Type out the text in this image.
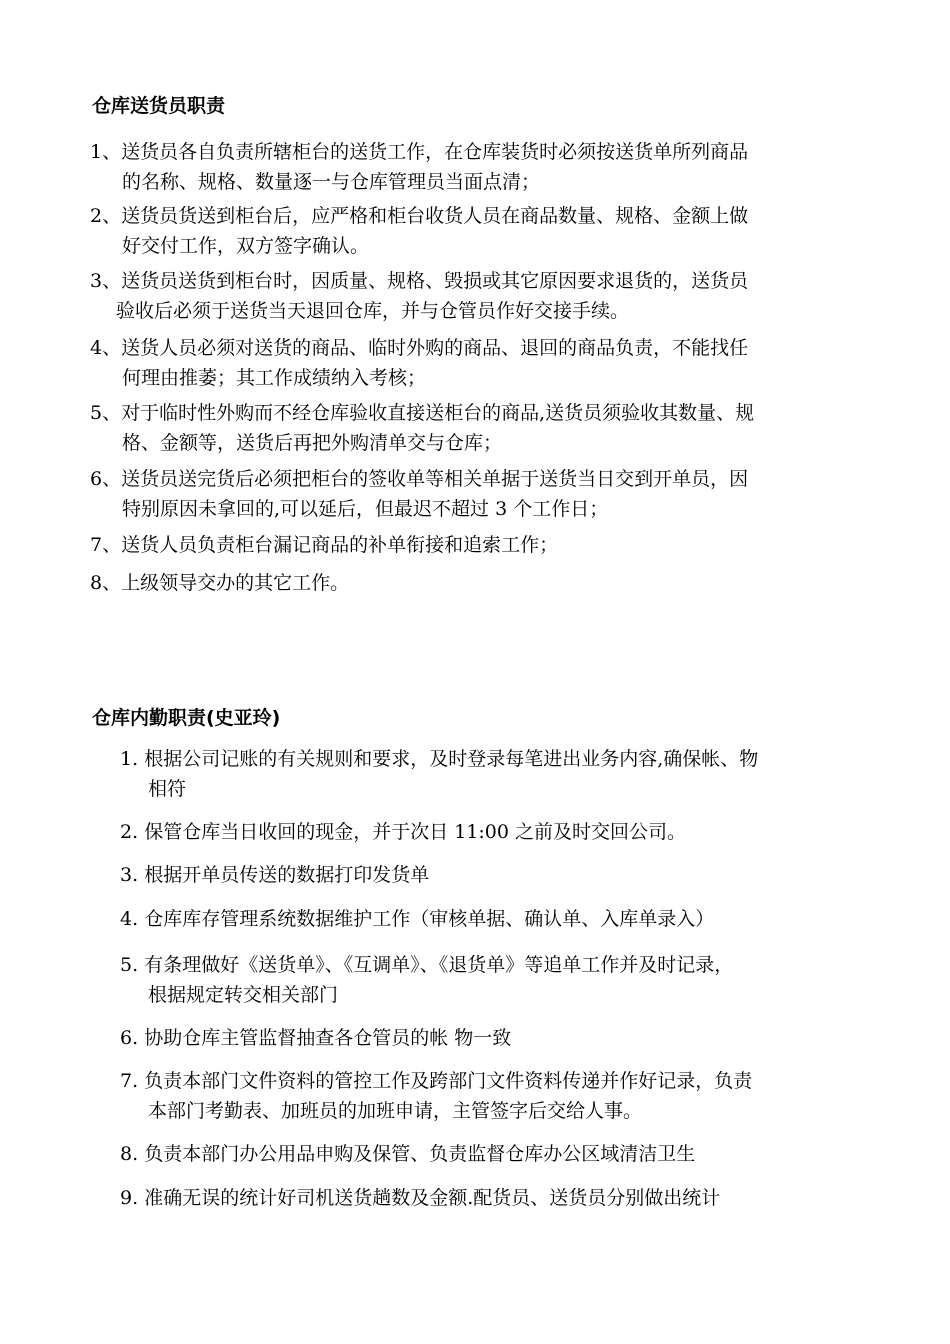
仓库送货员职责
1、送货员各自负责所辖柜台的送货工作，在仓库装货时必须按送货单所列商品
的名称、规格、数量逐一与仓库管理员当面点清；
2、送货员货送到柜台后，应严格和柜台收货人员在商品数量、规格、金额上做
好交付工作，双方签字确认。
3、送货员送货到柜台时，因质量、规格、毁损或其它原因要求退货的，送货员
验收后必须于送货当天退回仓库，并与仓管员作好交接手续。
4、送货人员必须对送货的商品、临时外购的商品、退回的商品负责，不能找任
何理由推萎；其工作成绩纳入考核；
5、对于临时性外购而不经仓库验收直接送柜台的商品,送货员须验收其数量、规
格、金额等，送货后再把外购清单交与仓库；
6、送货员送完货后必须把柜台的签收单等相关单据于送货当日交到开单员，因
特别原因未拿回的,可以延后，但最迟不超过 3 个工作日；
7、送货人员负责柜台漏记商品的补单衔接和追索工作；
8、上级领导交办的其它工作。
仓库内勤职责(史亚玲)
1. 根据公司记账的有关规则和要求，及时登录每笔进出业务内容,确保帐、物
相符
2. 保管仓库当日收回的现金，并于次日 11:00 之前及时交回公司。
3. 根据开单员传送的数据打印发货单
4. 仓库库存管理系统数据维护工作（审核单据、确认单、入库单录入）
5. 有条理做好《送货单》、《互调单》、《退货单》等追单工作并及时记录，
根据规定转交相关部门
6. 协助仓库主管监督抽查各仓管员的帐 物一致
7. 负责本部门文件资料的管控工作及跨部门文件资料传递并作好记录，负责
本部门考勤表、加班员的加班申请，主管签字后交给人事。
8. 负责本部门办公用品申购及保管、负责监督仓库办公区域清洁卫生
9. 准确无误的统计好司机送货趟数及金额.配货员、送货员分别做出统计
